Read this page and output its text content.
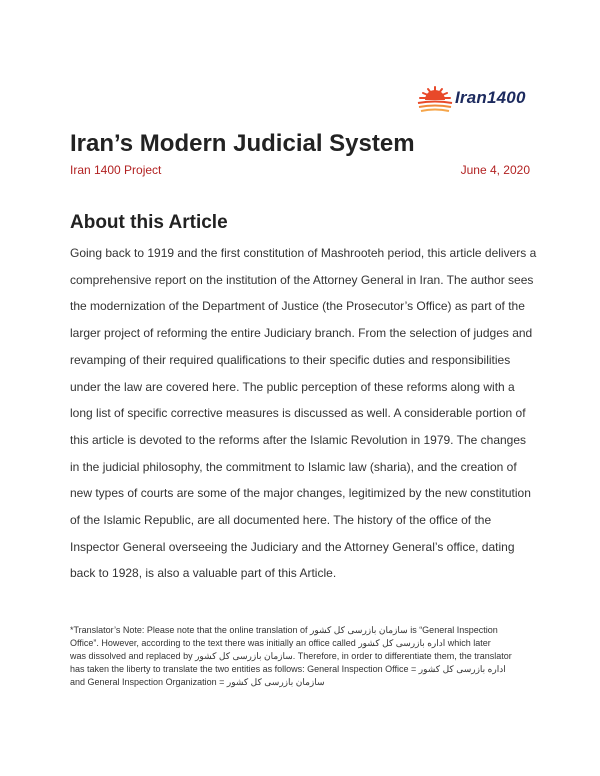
Iran1400
Iran’s Modern Judicial System
Iran 1400 Project	June 4, 2020
About this Article

Going back to 1919 and the first constitution of Mashrooteh period, this article delivers a
comprehensive report on the institution of the Attorney General in Iran. The author sees
the modernization of the Department of Justice (the Prosecutor’s Office) as part of the
larger project of reforming the entire Judiciary branch. From the selection of judges and
revamping of their required qualifications to their specific duties and responsibilities
under the law are covered here. The public perception of these reforms along with a
long list of specific corrective measures is discussed as well. A considerable portion of
this article is devoted to the reforms after the Islamic Revolution in 1979. The changes
in the judicial philosophy, the commitment to Islamic law (sharia), and the creation of
new types of courts are some of the major changes, legitimized by the new constitution
of the Islamic Republic, are all documented here. The history of the office of the
Inspector General overseeing the Judiciary and the Attorney General’s office, dating
back to 1928, is also a valuable part of this Article.

*Translator’s Note: Please note that the online translation of سازمان بازرسی کل کشور is “General Inspection
Office”. However, according to the text there was initially an office called اداره بازرسی کل کشور which later
was dissolved and replaced by سازمان بازرسی کل کشور. Therefore, in order to differentiate them, the translator
has taken the liberty to translate the two entities as follows: General Inspection Office = اداره بازرسی کل کشور
and General Inspection Organization = سازمان بازرسی کل کشور
